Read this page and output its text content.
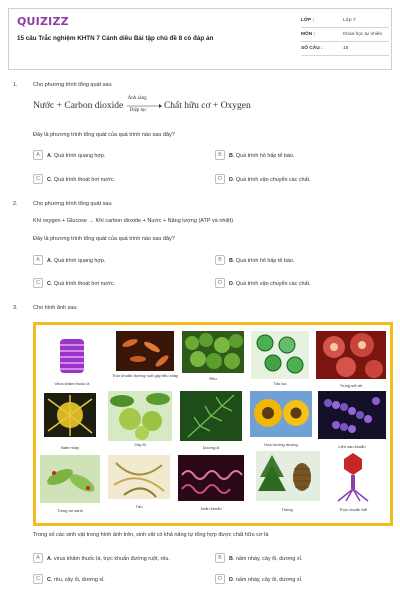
QUIZIZZ
15 câu Trắc nghiệm KHTN 7 Cánh diều Bài tập chủ đề 8 có đáp án
LỚP :	Lớp 7
MÔN :	Khoa học tự nhiên
SỐ CÂU :	15
1.	Cho phương trình tổng quát sau
Nước + Carbon dioxide
Ánh sáng
Diệp lục Chất hữu cơ + Oxygen
Đây là phương trình tổng quát của quá trình nào sau đây?
A	A. Quá trình quang hợp.	B	B. Quá trình hô hấp tế bào.
C	C. Quá trình thoát hơi nước.	D	D. Quá trình vận chuyển các chất.
2.	Cho phương trình tổng quát sau
Khí oxygen + Glucose → Khí carbon dioxide + Nước + Năng lượng (ATP và nhiệt)
Đây là phương trình tổng quát của quá trình nào sau đây?
A	A. Quá trình quang hợp.	B	B. Quá trình hô hấp tế bào.
C	C. Quá trình thoát hơi nước.	D	D. Quá trình vận chuyển các chất.
3.	Cho hình ảnh sau:
Virus khảm thuốc lá
Trực khuẩn đường ruột gây tiêu chảy
Rêu
Tảo lục	Trùng sốt rét
Nấm nhày
Cây ổi
Dương xỉ
Hoa hướng dương	Liên cầu khuẩn
Trùng roi xanh
Tảo	Xoắn khuẩn	Thông	Thực khuẩn thể
Trong số các sinh vật trong hình ảnh trên, sinh vật có khả năng tự tổng hợp được chất hữu cơ là
A	A. virus khảm thuốc lá, trực khuẩn đường ruột, rêu.	B	B. nấm nhày, cây ổi, dương xỉ.
C	C. rêu, cây ổi, dương xỉ.	D	D. nấm nhày, cây ổi, dương xỉ.
